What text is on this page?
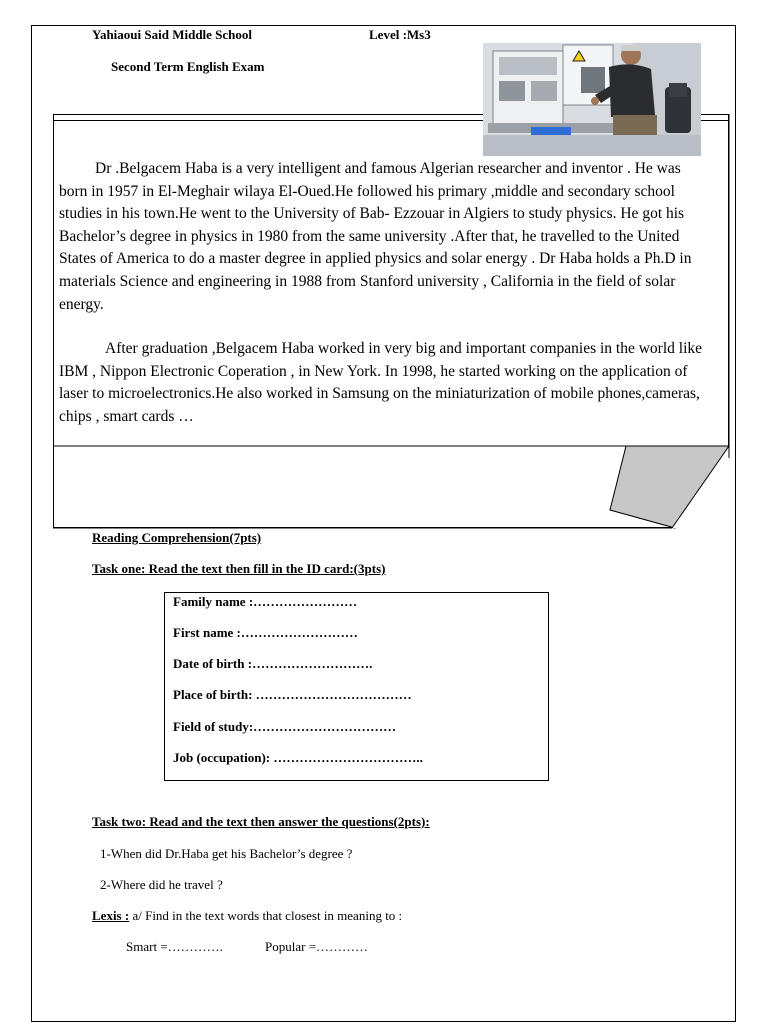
Yahiaoui Said Middle School	Level :Ms3
Second Term English Exam

Dr .Belgacem Haba is a very intelligent and famous Algerian researcher and inventor . He was born in 1957 in El-Meghair wilaya El-Oued.He followed his primary ,middle and secondary school studies in his town.He went to the University of Bab- Ezzouar in Algiers to study physics. He got his Bachelor’s degree in physics in 1980 from the same university .After that, he travelled to the United States of America to do a master degree in applied physics and solar energy . Dr Haba holds a Ph.D in materials Science and engineering in 1988 from Stanford university , California in the field of solar energy.

After graduation ,Belgacem Haba worked in very big and important companies in the world like IBM , Nippon Electronic Coperation , in New York. In 1998, he started working on the application of laser to microelectronics.He also worked in Samsung on the miniaturization of mobile phones,cameras, chips , smart cards …

Reading Comprehension(7pts)
Task one: Read the text then fill in the ID card:(3pts)
Family name :……………………
First name :………………………
Date of birth :……………………….
Place of birth: ………………………………
Field of study:……………………………
Job (occupation): ……………………………..
Task two: Read and the text then answer the questions(2pts):
1-When did Dr.Haba get his Bachelor’s degree ?
2-Where did he travel ?
Lexis : a/ Find in the text words that closest in meaning to :
Smart =………….	Popular =…………
